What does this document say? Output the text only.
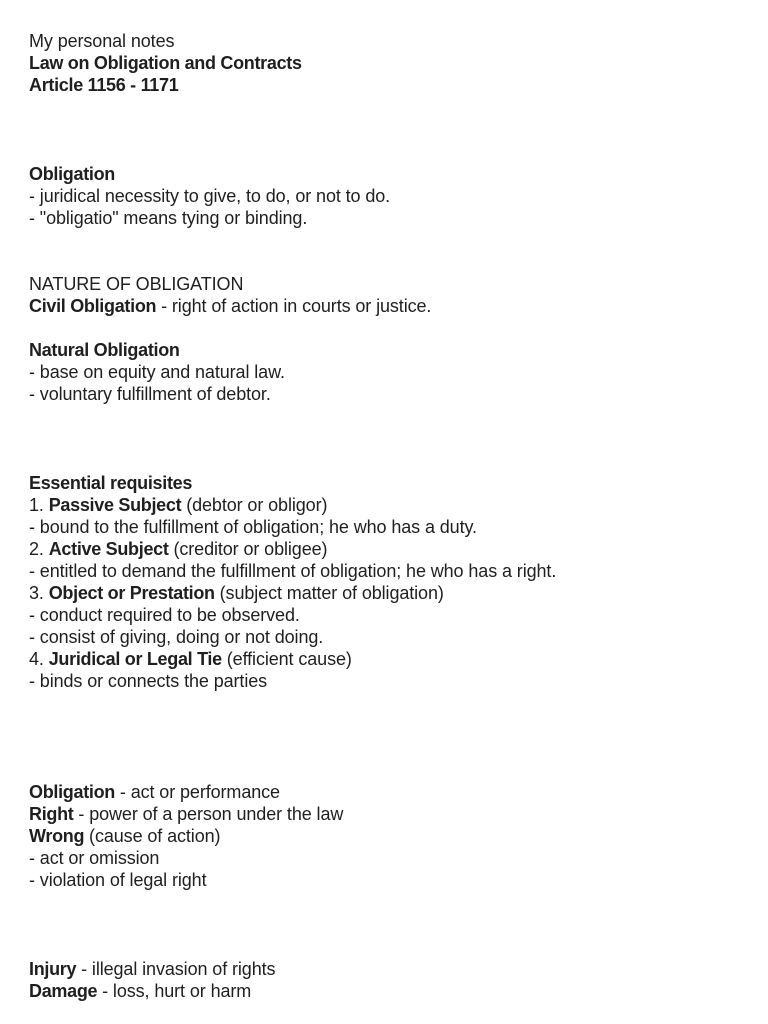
My personal notes
Law on Obligation and Contracts
Article 1156 - 1171
Obligation
- juridical necessity to give, to do, or not to do.
- "obligatio" means tying or binding.
NATURE OF OBLIGATION
Civil Obligation - right of action in courts or justice.
Natural Obligation
- base on equity and natural law.
- voluntary fulfillment of debtor.
Essential requisites
1. Passive Subject (debtor or obligor)
- bound to the fulfillment of obligation; he who has a duty.
2. Active Subject (creditor or obligee)
- entitled to demand the fulfillment of obligation; he who has a right.
3. Object or Prestation (subject matter of obligation)
- conduct required to be observed.
- consist of giving, doing or not doing.
4. Juridical or Legal Tie (efficient cause)
- binds or connects the parties
Obligation - act or performance
Right - power of a person under the law
Wrong (cause of action)
- act or omission
- violation of legal right
Injury - illegal invasion of rights
Damage - loss, hurt or harm
